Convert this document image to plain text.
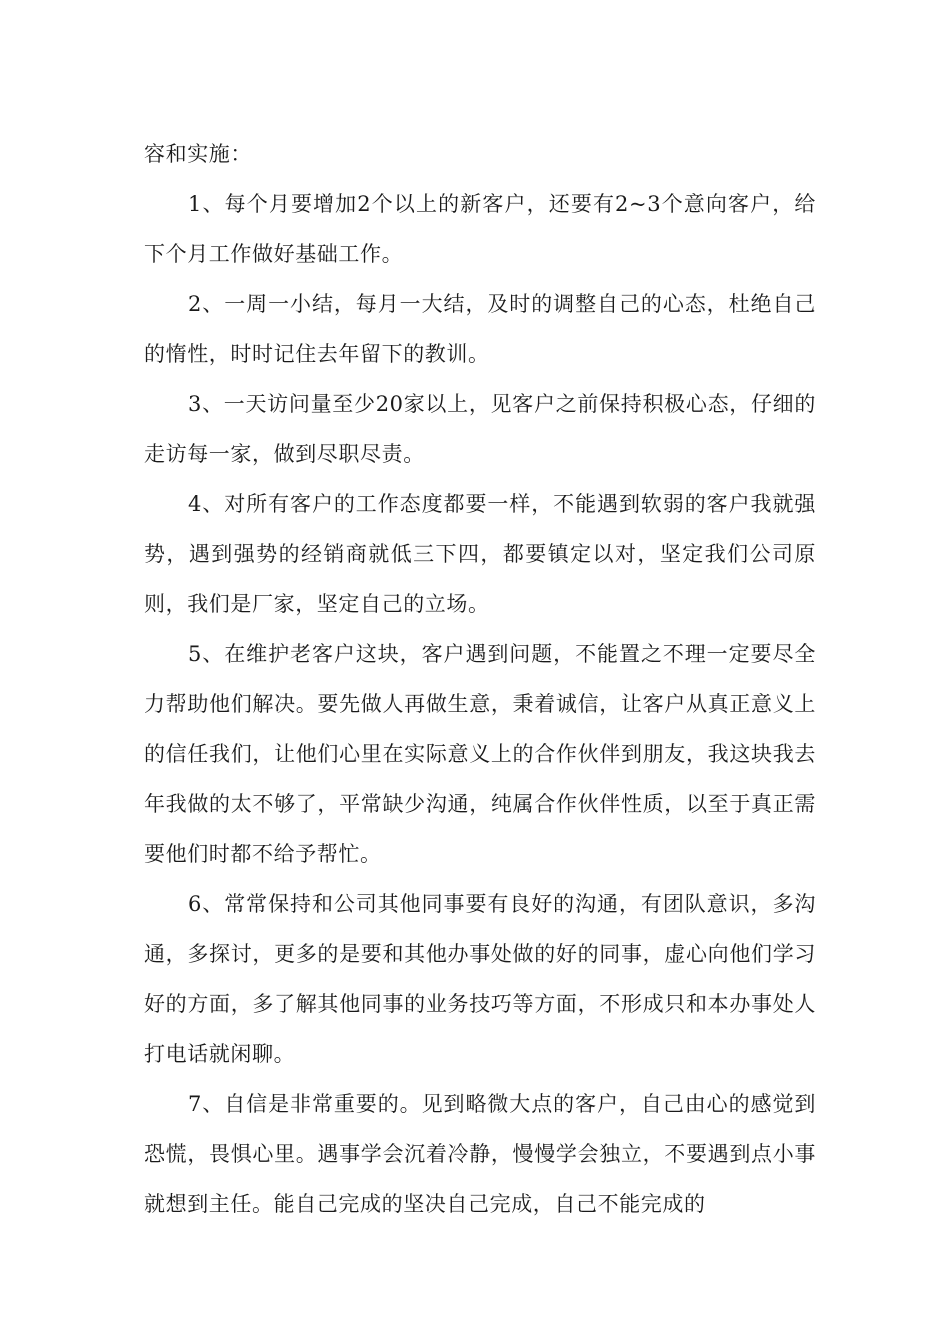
容和实施：

1、每个月要增加2个以上的新客户，还要有2~3个意向客户，给下个月工作做好基础工作。

2、一周一小结，每月一大结，及时的调整自己的心态，杜绝自己的惰性，时时记住去年留下的教训。

3、一天访问量至少20家以上，见客户之前保持积极心态，仔细的走访每一家，做到尽职尽责。

4、对所有客户的工作态度都要一样，不能遇到软弱的客户我就强势，遇到强势的经销商就低三下四，都要镇定以对，坚定我们公司原则，我们是厂家，坚定自己的立场。

5、在维护老客户这块，客户遇到问题，不能置之不理一定要尽全力帮助他们解决。要先做人再做生意，秉着诚信，让客户从真正意义上的信任我们，让他们心里在实际意义上的合作伙伴到朋友，我这块我去年我做的太不够了，平常缺少沟通，纯属合作伙伴性质，以至于真正需要他们时都不给予帮忙。

6、常常保持和公司其他同事要有良好的沟通，有团队意识，多沟通，多探讨，更多的是要和其他办事处做的好的同事，虚心向他们学习好的方面，多了解其他同事的业务技巧等方面，不形成只和本办事处人打电话就闲聊。

7、自信是非常重要的。见到略微大点的客户，自己由心的感觉到恐慌，畏惧心里。遇事学会沉着冷静，慢慢学会独立，不要遇到点小事就想到主任。能自己完成的坚决自己完成，自己不能完成的
